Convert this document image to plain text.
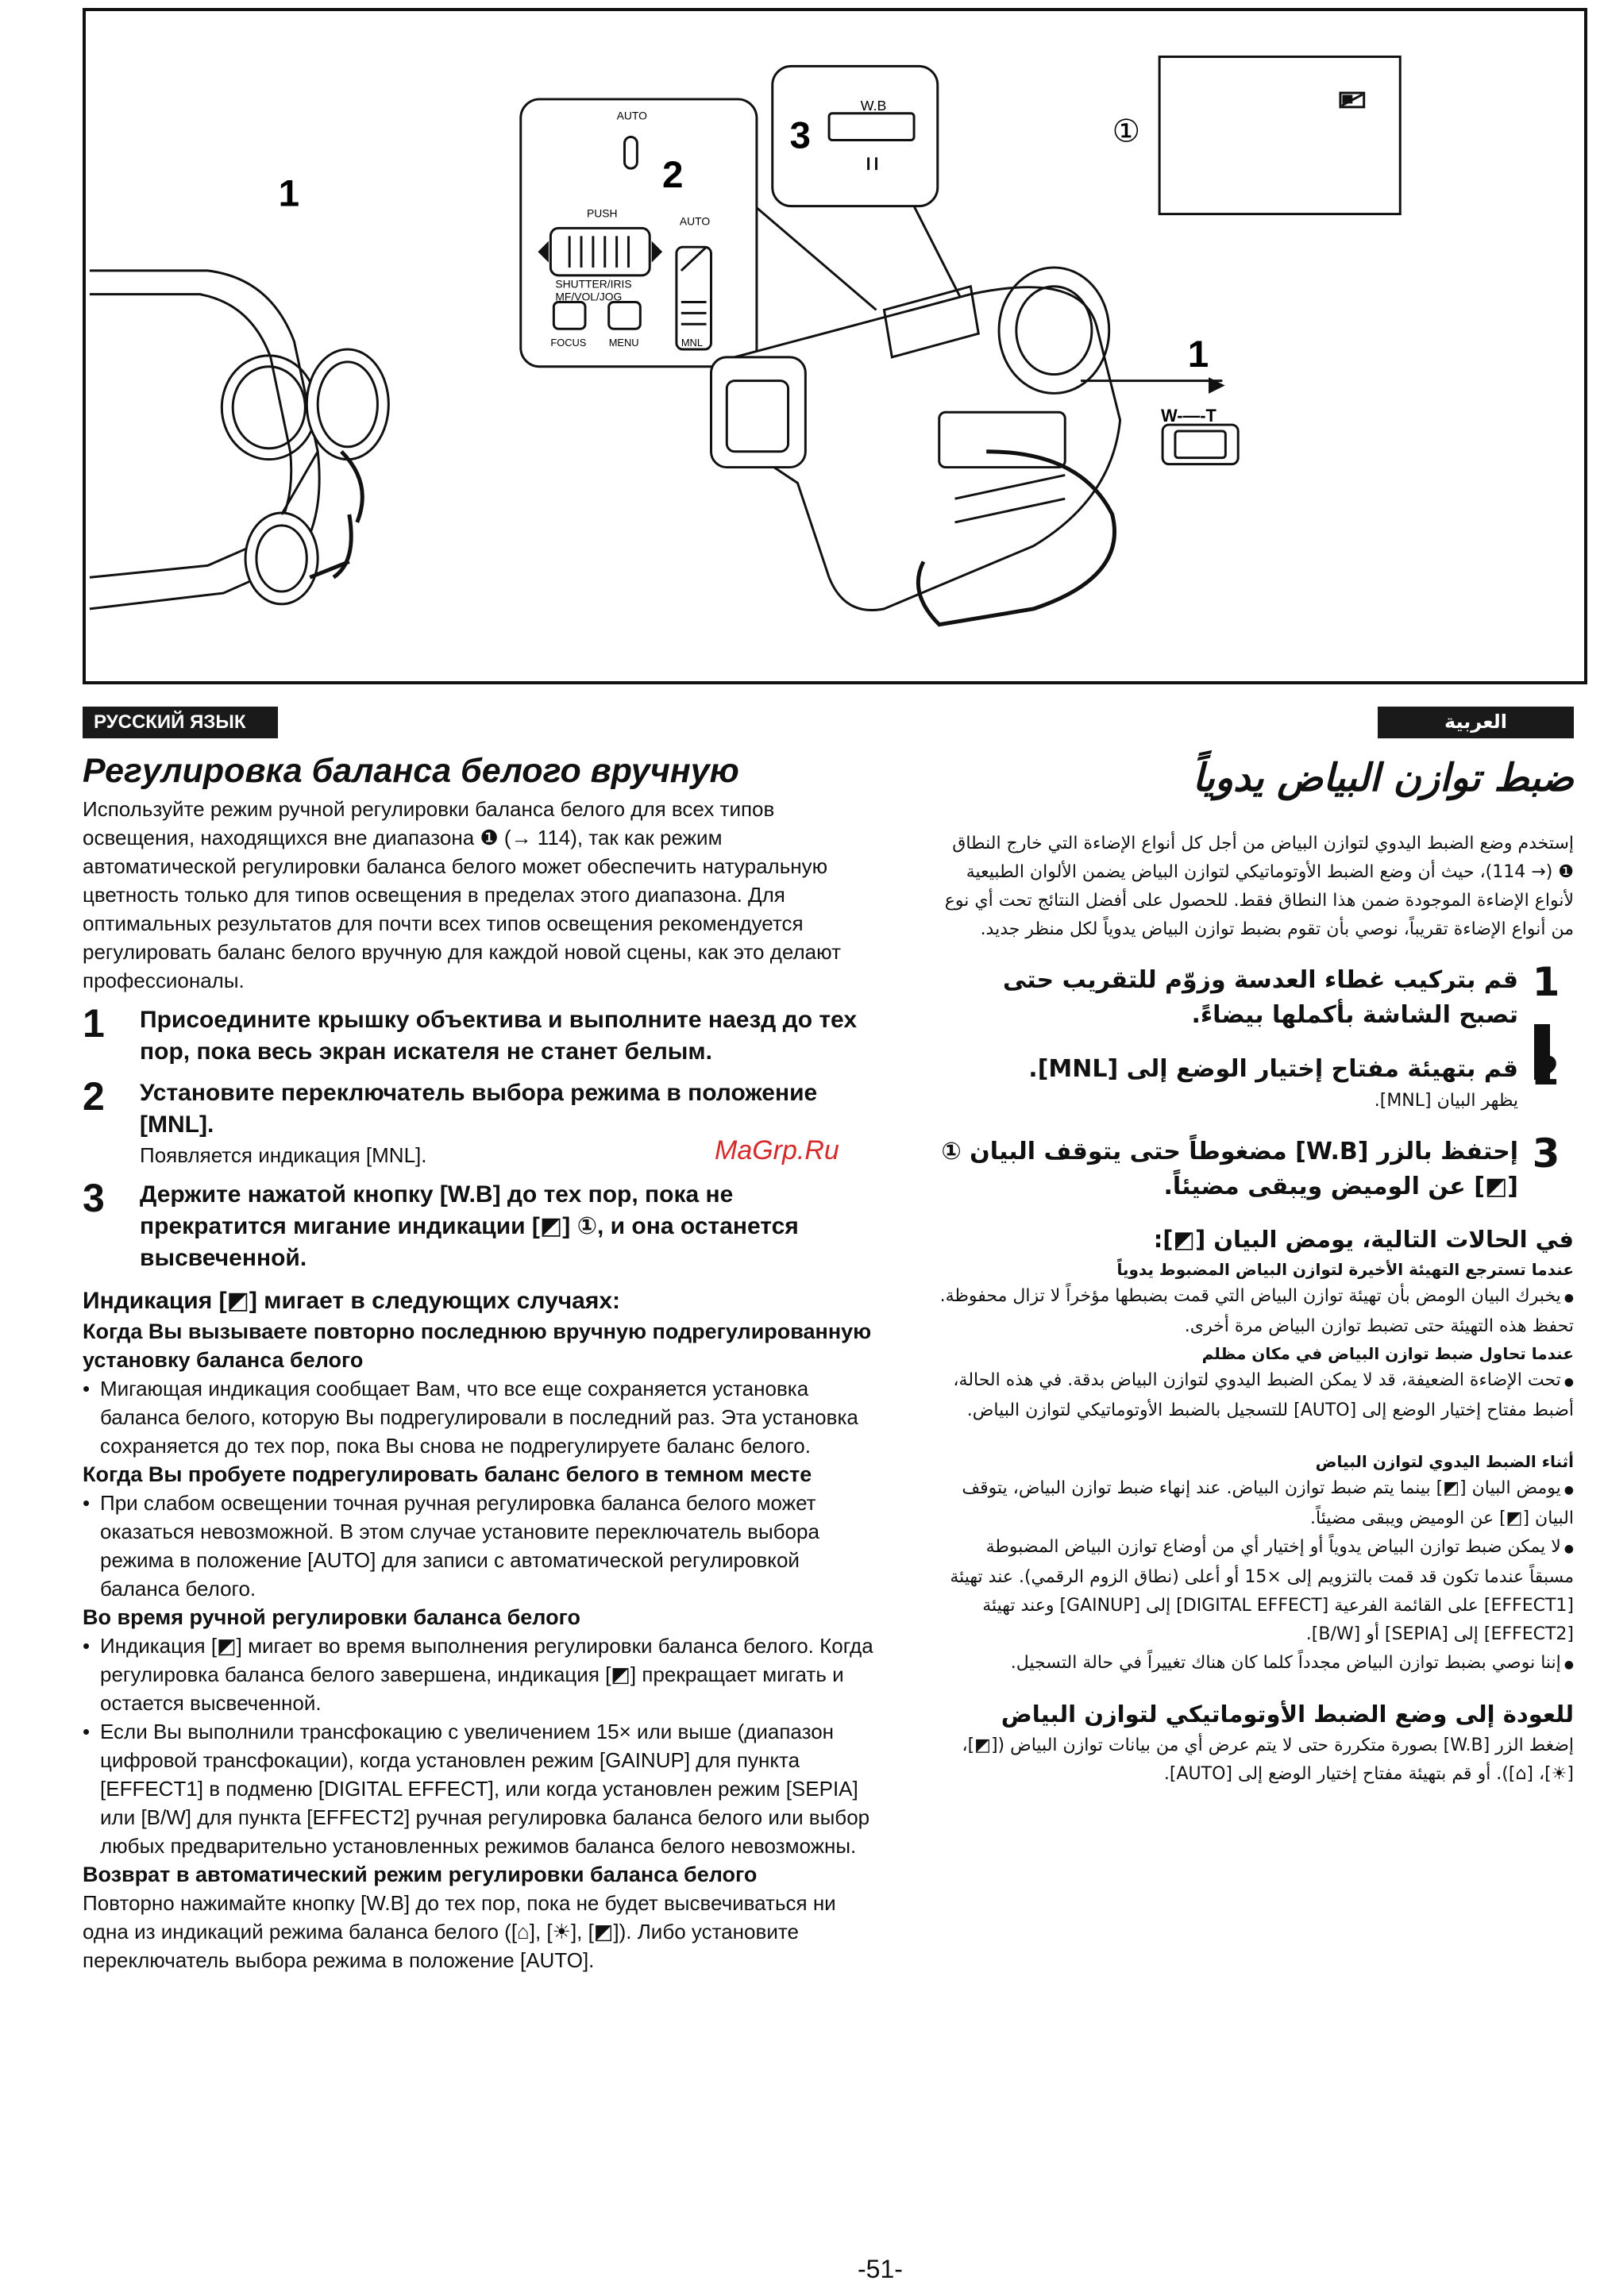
1
AUTO
2
PUSH
SHUTTER/IRIS
MF/VOL/JOG
FOCUS MENU
AUTO
MNL
3
W.B
1
W-—-T
①
РУССКИЙ ЯЗЫК	العربية
MaGrp.Ru
Регулировка баланса белого вручную

Используйте режим ручной регулировки баланса белого для всех типов освещения, находящихся вне диапазона ❶ (→ 114), так как режим автоматической регулировки баланса белого может обеспечить натуральную цветность только для типов освещения в пределах этого диапазона. Для оптимальных результатов для почти всех типов освещения рекомендуется регулировать баланс белого вручную для каждой новой сцены, как это делают профессионалы.

1	Присоедините крышку объектива и выполните наезд до тех пор, пока весь экран искателя не станет белым.
2	Установите переключатель выбора режима в положение [MNL].
Появляется индикация [MNL].
3	Держите нажатой кнопку [W.B] до тех пор, пока не прекратится мигание индикации [◩] ①, и она останется высвеченной.
Индикация [◩] мигает в следующих случаях:
Когда Вы вызываете повторно последнюю вручную подрегулированную установку баланса белого
• Мигающая индикация сообщает Вам, что все еще сохраняется установка баланса белого, которую Вы подрегулировали в последний раз. Эта установка сохраняется до тех пор, пока Вы снова не подрегулируете баланс белого.
Когда Вы пробуете подрегулировать баланс белого в темном месте
• При слабом освещении точная ручная регулировка баланса белого может оказаться невозможной. В этом случае установите переключатель выбора режима в положение [AUTO] для записи с автоматической регулировкой баланса белого.
Во время ручной регулировки баланса белого
• Индикация [◩] мигает во время выполнения регулировки баланса белого. Когда регулировка баланса белого завершена, индикация [◩] прекращает мигать и остается высвеченной.
• Если Вы выполнили трансфокацию с увеличением 15× или выше (диапазон цифровой трансфокации), когда установлен режим [GAINUP] для пункта [EFFECT1] в подменю [DIGITAL EFFECT], или когда установлен режим [SEPIA] или [B/W] для пункта [EFFECT2] ручная регулировка баланса белого или выбор любых предварительно установленных режимов баланса белого невозможны.
Возврат в автоматический режим регулировки баланса белого

Повторно нажимайте кнопку [W.B] до тех пор, пока не будет высвечиваться ни одна из индикаций режима баланса белого ([⌂], [☀], [◩]). Либо установите переключатель выбора режима в положение [AUTO].

ضبط توازن البياض يدوياً

إستخدم وضع الضبط اليدوي لتوازن البياض من أجل كل أنواع الإضاءة التي خارج النطاق ❶ (→ 114)، حيث أن وضع الضبط الأوتوماتيكي لتوازن البياض يضمن الألوان الطبيعية لأنواع الإضاءة الموجودة ضمن هذا النطاق فقط. للحصول على أفضل النتائج تحت أي نوع من أنواع الإضاءة تقريباً، نوصي بأن تقوم بضبط توازن البياض يدوياً لكل منظر جديد.

1
قم بتركيب غطاء العدسة وزوّم للتقريب حتى تصبح الشاشة بأكملها بيضاءً.
2
قم بتهيئة مفتاح إختيار الوضع إلى [MNL].
يظهر البيان [MNL].
3
إحتفظ بالزر [W.B] مضغوطاً حتى يتوقف البيان ① [◩] عن الوميض ويبقى مضيئاً.
في الحالات التالية، يومض البيان [◩]:
عندما تسترجع التهيئة الأخيرة لتوازن البياض المضبوط يدوياً
● يخبرك البيان الومض بأن تهيئة توازن البياض التي قمت بضبطها مؤخراً لا تزال محفوظة. تحفظ هذه التهيئة حتى تضبط توازن البياض مرة أخرى.
عندما تحاول ضبط توازن البياض في مكان مظلم
● تحت الإضاءة الضعيفة، قد لا يمكن الضبط اليدوي لتوازن البياض بدقة. في هذه الحالة، أضبط مفتاح إختيار الوضع إلى [AUTO] للتسجيل بالضبط الأوتوماتيكي لتوازن البياض.
أثناء الضبط اليدوي لتوازن البياض
● يومض البيان [◩] بينما يتم ضبط توازن البياض. عند إنهاء ضبط توازن البياض، يتوقف البيان [◩] عن الوميض ويبقى مضيئاً.
● لا يمكن ضبط توازن البياض يدوياً أو إختيار أي من أوضاع توازن البياض المضبوطة مسبقاً عندما تكون قد قمت بالتزويم إلى ×15 أو أعلى (نطاق الزوم الرقمي). عند تهيئة [EFFECT1] على القائمة الفرعية [DIGITAL EFFECT] إلى [GAINUP] وعند تهيئة [EFFECT2] إلى [SEPIA] أو [B/W].
● إننا نوصي بضبط توازن البياض مجدداً كلما كان هناك تغييراً في حالة التسجيل.
للعودة إلى وضع الضبط الأوتوماتيكي لتوازن البياض

إضغط الزر [W.B] بصورة متكررة حتى لا يتم عرض أي من بيانات توازن البياض ([◩]، [☀]، [⌂]). أو قم بتهيئة مفتاح إختيار الوضع إلى [AUTO].

-51-
